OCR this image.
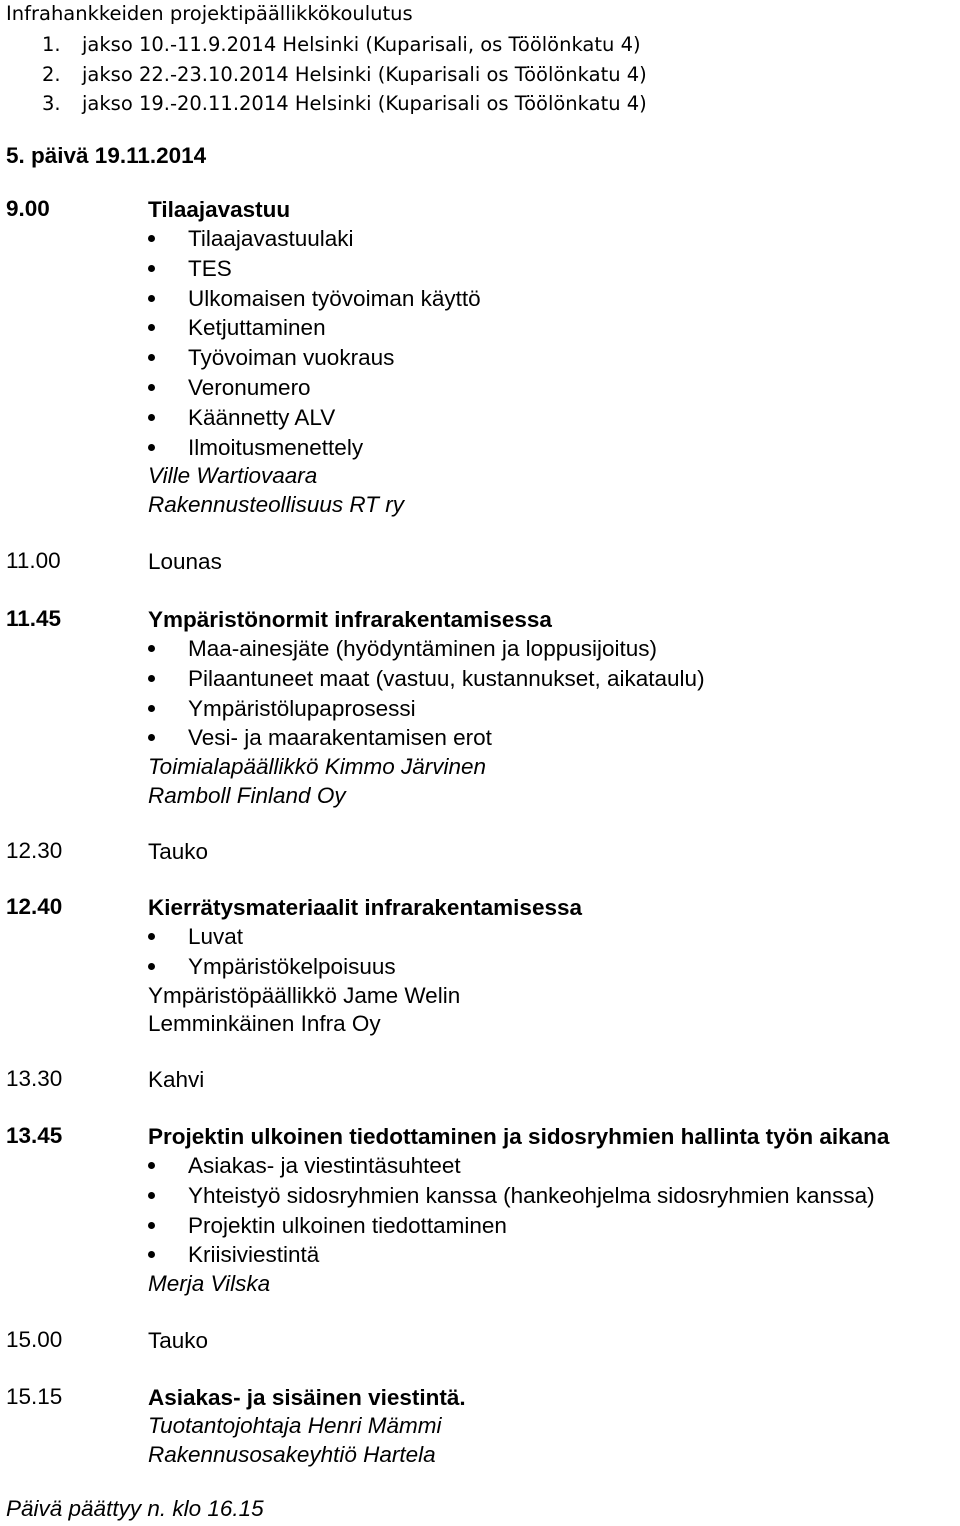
Infrahankkeiden projektipäällikkökoulutus
1. jakso 10.-11.9.2014 Helsinki (Kuparisali, os Töölönkatu 4)
2. jakso 22.-23.10.2014 Helsinki (Kuparisali os Töölönkatu 4)
3. jakso 19.-20.11.2014 Helsinki (Kuparisali os Töölönkatu 4)
5. päivä 19.11.2014
9.00	Tilaajavastuu
Tilaajavastuulaki
TES
Ulkomaisen työvoiman käyttö
Ketjuttaminen
Työvoiman vuokraus
Veronumero
Käännetty ALV
Ilmoitusmenettely
Ville Wartiovaara
Rakennusteollisuus RT ry
11.00	Lounas
11.45	Ympäristönormit infrarakentamisessa
Maa-ainesjäte (hyödyntäminen ja loppusijoitus)
Pilaantuneet maat (vastuu, kustannukset, aikataulu)
Ympäristölupaprosessi
Vesi- ja maarakentamisen erot
Toimialapäällikkö Kimmo Järvinen
Ramboll Finland Oy
12.30	Tauko
12.40	Kierrätysmateriaalit infrarakentamisessa
Luvat
Ympäristökelpoisuus
Ympäristöpäällikkö Jame Welin
Lemminkäinen Infra Oy
13.30	Kahvi
13.45	Projektin ulkoinen tiedottaminen ja sidosryhmien hallinta työn aikana
Asiakas- ja viestintäsuhteet
Yhteistyö sidosryhmien kanssa (hankeohjelma sidosryhmien kanssa)
Projektin ulkoinen tiedottaminen
Kriisiviestintä
Merja Vilska
15.00	Tauko
15.15	Asiakas- ja sisäinen viestintä.
Tuotantojohtaja Henri Mämmi
Rakennusosakeyhtiö Hartela
Päivä päättyy n. klo 16.15
